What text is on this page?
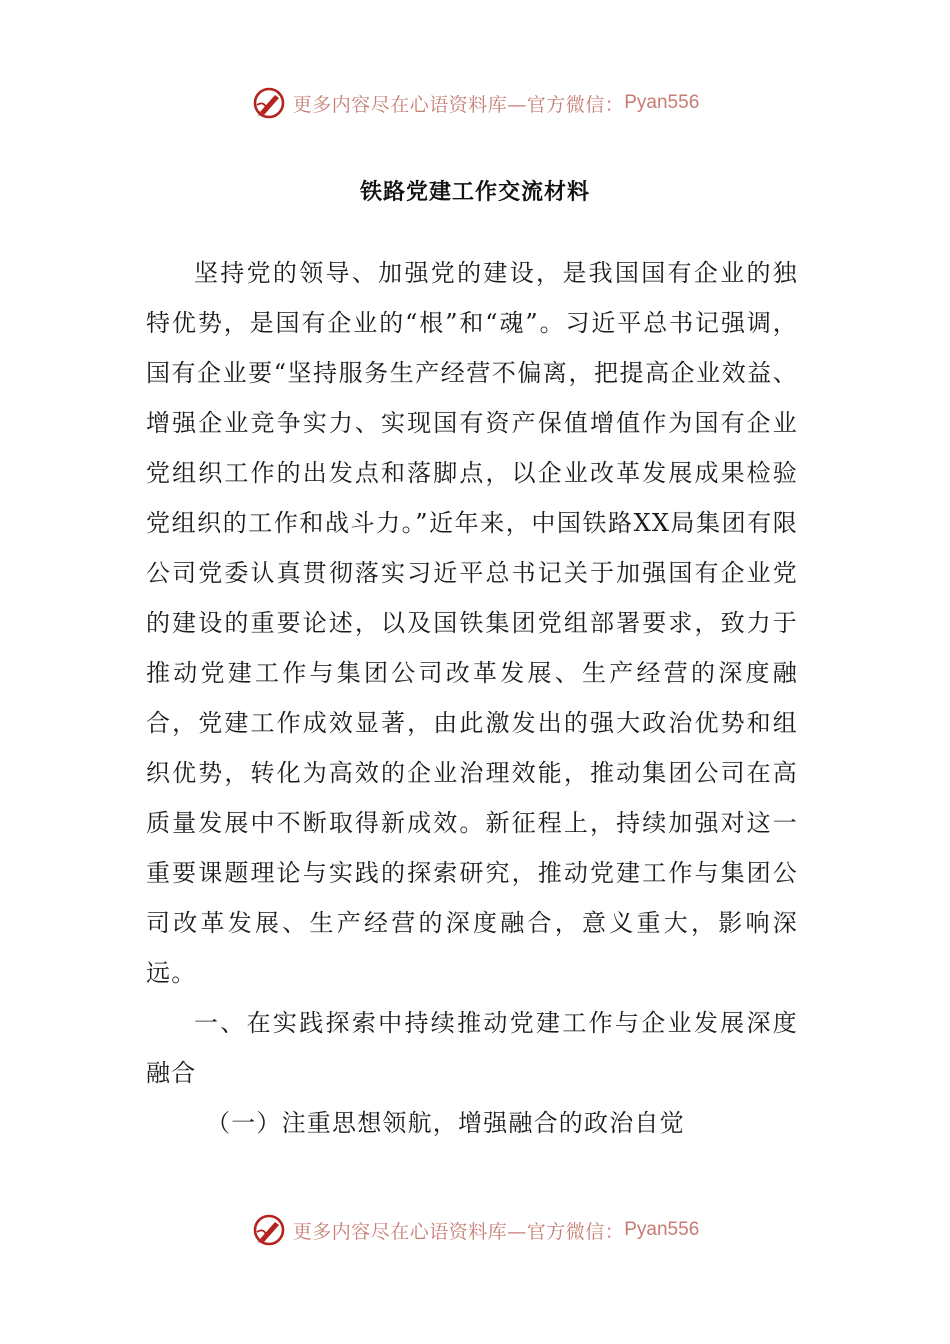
更多内容尽在心语资料库—官方微信： Pyan556
铁路党建工作交流材料

坚持党的领导、加强党的建设，是我国国有企业的独特优势，是国有企业的“根”和“魂”。习近平总书记强调，国有企业要“坚持服务生产经营不偏离，把提高企业效益、增强企业竞争实力、实现国有资产保值增值作为国有企业党组织工作的出发点和落脚点，以企业改革发展成果检验党组织的工作和战斗力。”近年来，中国铁路XX局集团有限公司党委认真贯彻落实习近平总书记关于加强国有企业党的建设的重要论述，以及国铁集团党组部署要求，致力于推动党建工作与集团公司改革发展、生产经营的深度融合，党建工作成效显著，由此激发出的强大政治优势和组织优势，转化为高效的企业治理效能，推动集团公司在高质量发展中不断取得新成效。新征程上，持续加强对这一重要课题理论与实践的探索研究，推动党建工作与集团公司改革发展、生产经营的深度融合，意义重大，影响深远。

一、在实践探索中持续推动党建工作与企业发展深度融合

（一）注重思想领航，增强融合的政治自觉

更多内容尽在心语资料库—官方微信： Pyan556
